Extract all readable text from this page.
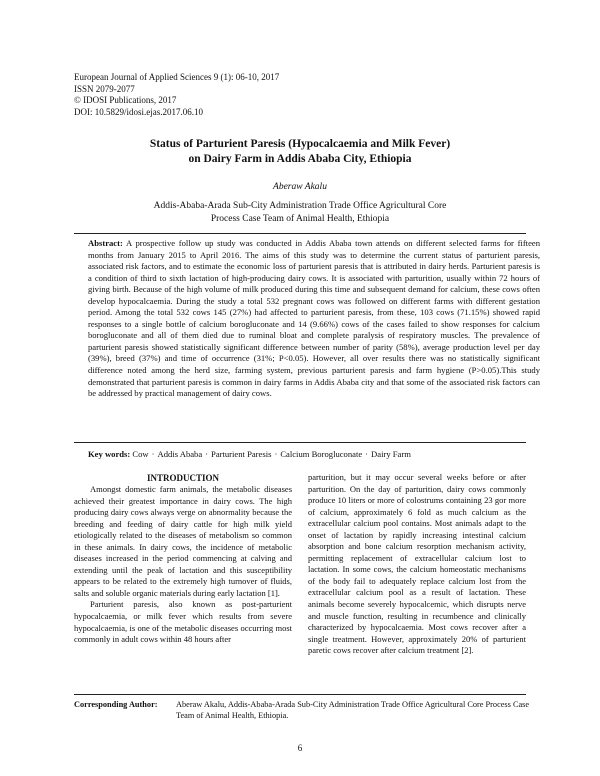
European Journal of Applied Sciences 9 (1): 06-10, 2017
ISSN 2079-2077
© IDOSI Publications, 2017
DOI: 10.5829/idosi.ejas.2017.06.10
Status of Parturient Paresis (Hypocalcaemia and Milk Fever)
on Dairy Farm in Addis Ababa City, Ethiopia
Aberaw Akalu
Addis-Ababa-Arada Sub-City Administration Trade Office Agricultural Core
Process Case Team of Animal Health, Ethiopia

Abstract: A prospective follow up study was conducted in Addis Ababa town attends on different selected farms for fifteen months from January 2015 to April 2016. The aims of this study was to determine the current status of parturient paresis, associated risk factors, and to estimate the economic loss of parturient paresis that is attributed in dairy herds. Parturient paresis is a condition of third to sixth lactation of high-producing dairy cows. It is associated with parturition, usually within 72 hours of giving birth. Because of the high volume of milk produced during this time and subsequent demand for calcium, these cows often develop hypocalcaemia. During the study a total 532 pregnant cows was followed on different farms with different gestation period. Among the total 532 cows 145 (27%) had affected to parturient paresis, from these, 103 cows (71.15%) showed rapid responses to a single bottle of calcium borogluconate and 14 (9.66%) cows of the cases failed to show responses for calcium borogluconate and all of them died due to ruminal bloat and complete paralysis of respiratory muscles. The prevalence of parturient paresis showed statistically significant difference between number of parity (58%), average production level per day (39%), breed (37%) and time of occurrence (31%; P<0.05). However, all over results there was no statistically significant difference noted among the herd size, farming system, previous parturient paresis and farm hygiene (P>0.05).This study demonstrated that parturient paresis is common in dairy farms in Addis Ababa city and that some of the associated risk factors can be addressed by practical management of dairy cows.

Key words: Cow · Addis Ababa · Parturient Paresis · Calcium Borogluconate · Dairy Farm

INTRODUCTION

Amongst domestic farm animals, the metabolic diseases achieved their greatest importance in dairy cows. The high producing dairy cows always verge on abnormality because the breeding and feeding of dairy cattle for high milk yield etiologically related to the diseases of metabolism so common in these animals. In dairy cows, the incidence of metabolic diseases increased in the period commencing at calving and extending until the peak of lactation and this susceptibility appears to be related to the extremely high turnover of fluids, salts and soluble organic materials during early lactation [1].

Parturient paresis, also known as post-parturient hypocalcaemia, or milk fever which results from severe hypocalcaemia, is one of the metabolic diseases occurring most commonly in adult cows within 48 hours after

parturition, but it may occur several weeks before or after parturition. On the day of parturition, dairy cows commonly produce 10 liters or more of colostrums containing 23 gor more of calcium, approximately 6 fold as much calcium as the extracellular calcium pool contains. Most animals adapt to the onset of lactation by rapidly increasing intestinal calcium absorption and bone calcium resorption mechanism activity, permitting replacement of extracellular calcium lost to lactation. In some cows, the calcium homeostatic mechanisms of the body fail to adequately replace calcium lost from the extracellular calcium pool as a result of lactation. These animals become severely hypocalcemic, which disrupts nerve and muscle function, resulting in recumbence and clinically characterized by hypocalcaemia. Most cows recover after a single treatment. However, approximately 20% of parturient paretic cows recover after calcium treatment [2].

Corresponding Author: Aberaw Akalu, Addis-Ababa-Arada Sub-City Administration Trade Office Agricultural Core Process Case Team of Animal Health, Ethiopia.
6
